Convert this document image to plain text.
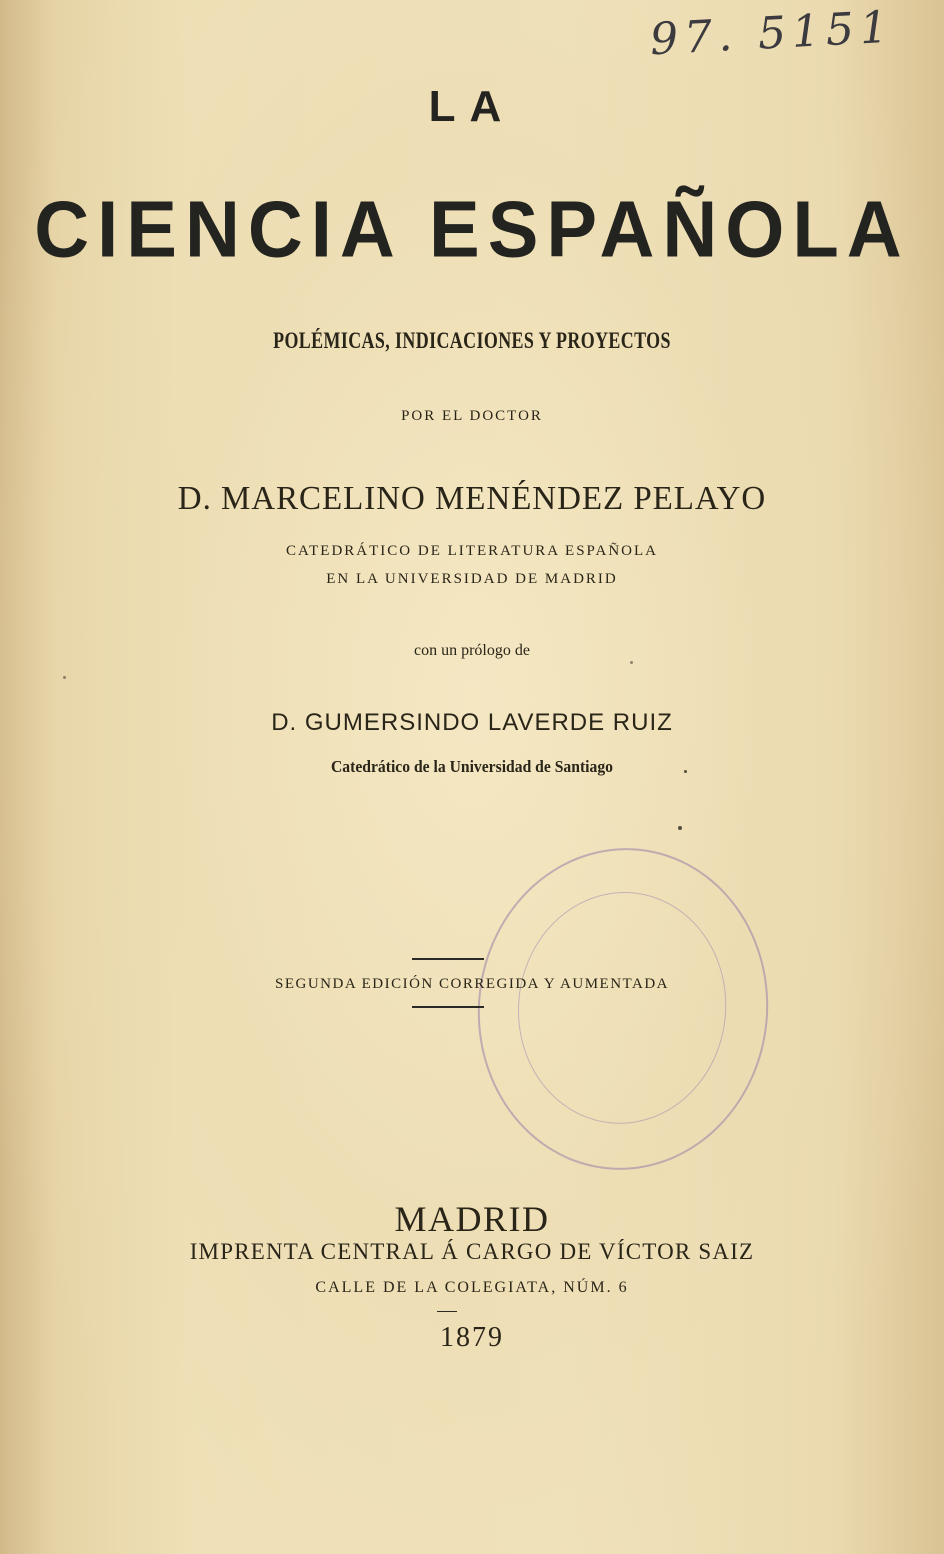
97. 5151
LA
CIENCIA ESPAÑOLA
POLÉMICAS, INDICACIONES Y PROYECTOS
POR EL DOCTOR
D. MARCELINO MENÉNDEZ PELAYO
CATEDRÁTICO DE LITERATURA ESPAÑOLA
EN LA UNIVERSIDAD DE MADRID
con un prólogo de
D. GUMERSINDO LAVERDE RUIZ
Catedrático de la Universidad de Santiago
SEGUNDA EDICIÓN CORREGIDA Y AUMENTADA
MADRID
IMPRENTA CENTRAL Á CARGO DE VÍCTOR SAIZ
CALLE DE LA COLEGIATA, NÚM. 6
1879
